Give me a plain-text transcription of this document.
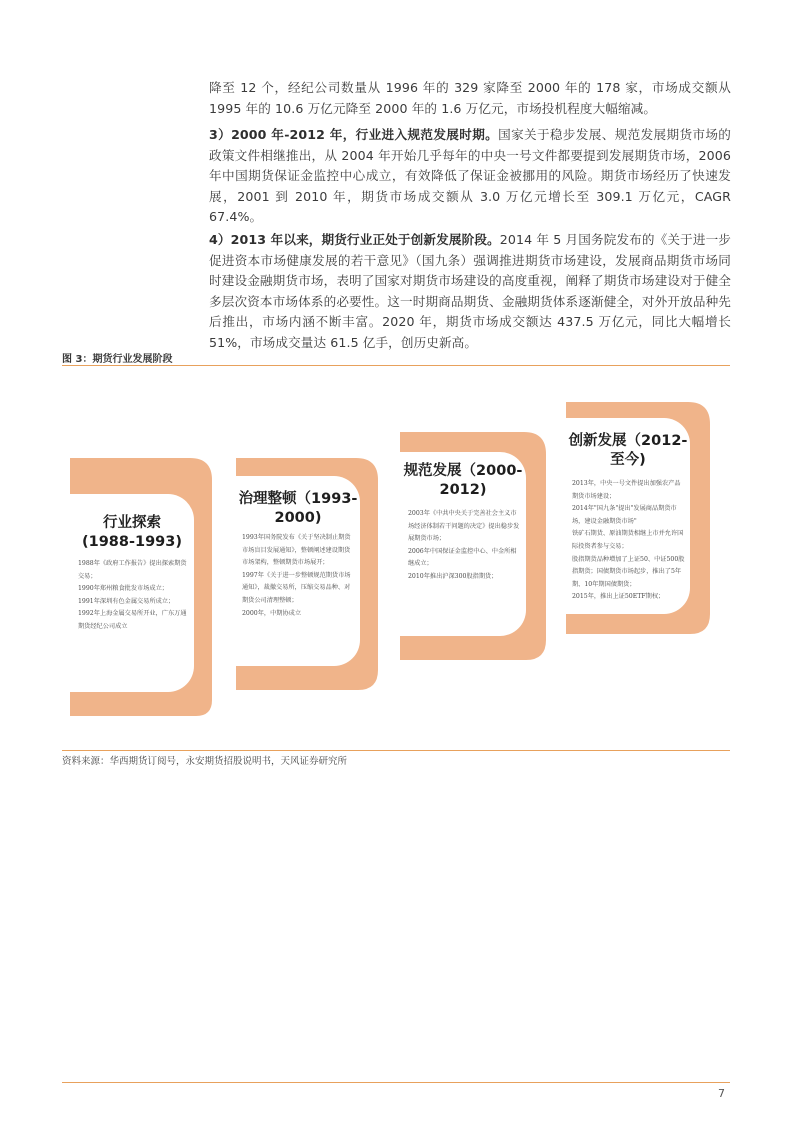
降至 12 个，经纪公司数量从 1996 年的 329 家降至 2000 年的 178 家，市场成交额从 1995 年的 10.6 万亿元降至 2000 年的 1.6 万亿元，市场投机程度大幅缩减。

3）2000 年-2012 年，行业进入规范发展时期。国家关于稳步发展、规范发展期货市场的政策文件相继推出，从 2004 年开始几乎每年的中央一号文件都要提到发展期货市场，2006 年中国期货保证金监控中心成立，有效降低了保证金被挪用的风险。期货市场经历了快速发展，2001 到 2010 年，期货市场成交额从 3.0 万亿元增长至 309.1 万亿元，CAGR 67.4%。

4）2013 年以来，期货行业正处于创新发展阶段。2014 年 5 月国务院发布的《关于进一步促进资本市场健康发展的若干意见》（国九条）强调推进期货市场建设，发展商品期货市场同时建设金融期货市场，表明了国家对期货市场建设的高度重视，阐释了期货市场建设对于健全多层次资本市场体系的必要性。这一时期商品期货、金融期货体系逐渐健全，对外开放品种先后推出，市场内涵不断丰富。2020 年，期货市场成交额达 437.5 万亿元，同比大幅增长 51%，市场成交量达 61.5 亿手，创历史新高。

图 3：期货行业发展阶段
行业探索
(1988-1993)
1988年《政府工作报告》提出探索期货交易；
1990年郑州粮食批发市场成立；
1991年深圳有色金属交易所成立；
1992年上海金属交易所开业，广东万通期货经纪公司成立
治理整顿（1993-
2000)
1993年国务院发布《关于坚决制止期货市场盲目发展通知》，整顿阐述建设期货市场架构，整顿期货市场展开；
1997年《关于进一步整顿规范期货市场通知》，裁撤交易所，压缩交易品种、对期货公司清理整顿；
2000年，中期协成立
规范发展（2000-
2012)
2003年《中共中央关于完善社会主义市场经济体制若干问题的决定》提出稳步发展期货市场；
2006年中国保证金监控中心、中金所相继成立；
2010年推出沪深300股指期货；
创新发展（2012-
至今)
2013年，中央一号文件提出加强农产品期货市场建设；
2014年"国九条"提出"发展商品期货市场，建设金融期货市场"
铁矿石期货、原油期货相继上市并允许国际投资者参与交易；
股指期货品种增加了上证50、中证500股指期货；国债期货市场起步，推出了5年期、10年期国债期货；
2015年，推出上证50ETF期权；
资料来源：华西期货订阅号，永安期货招股说明书，天风证券研究所
7
